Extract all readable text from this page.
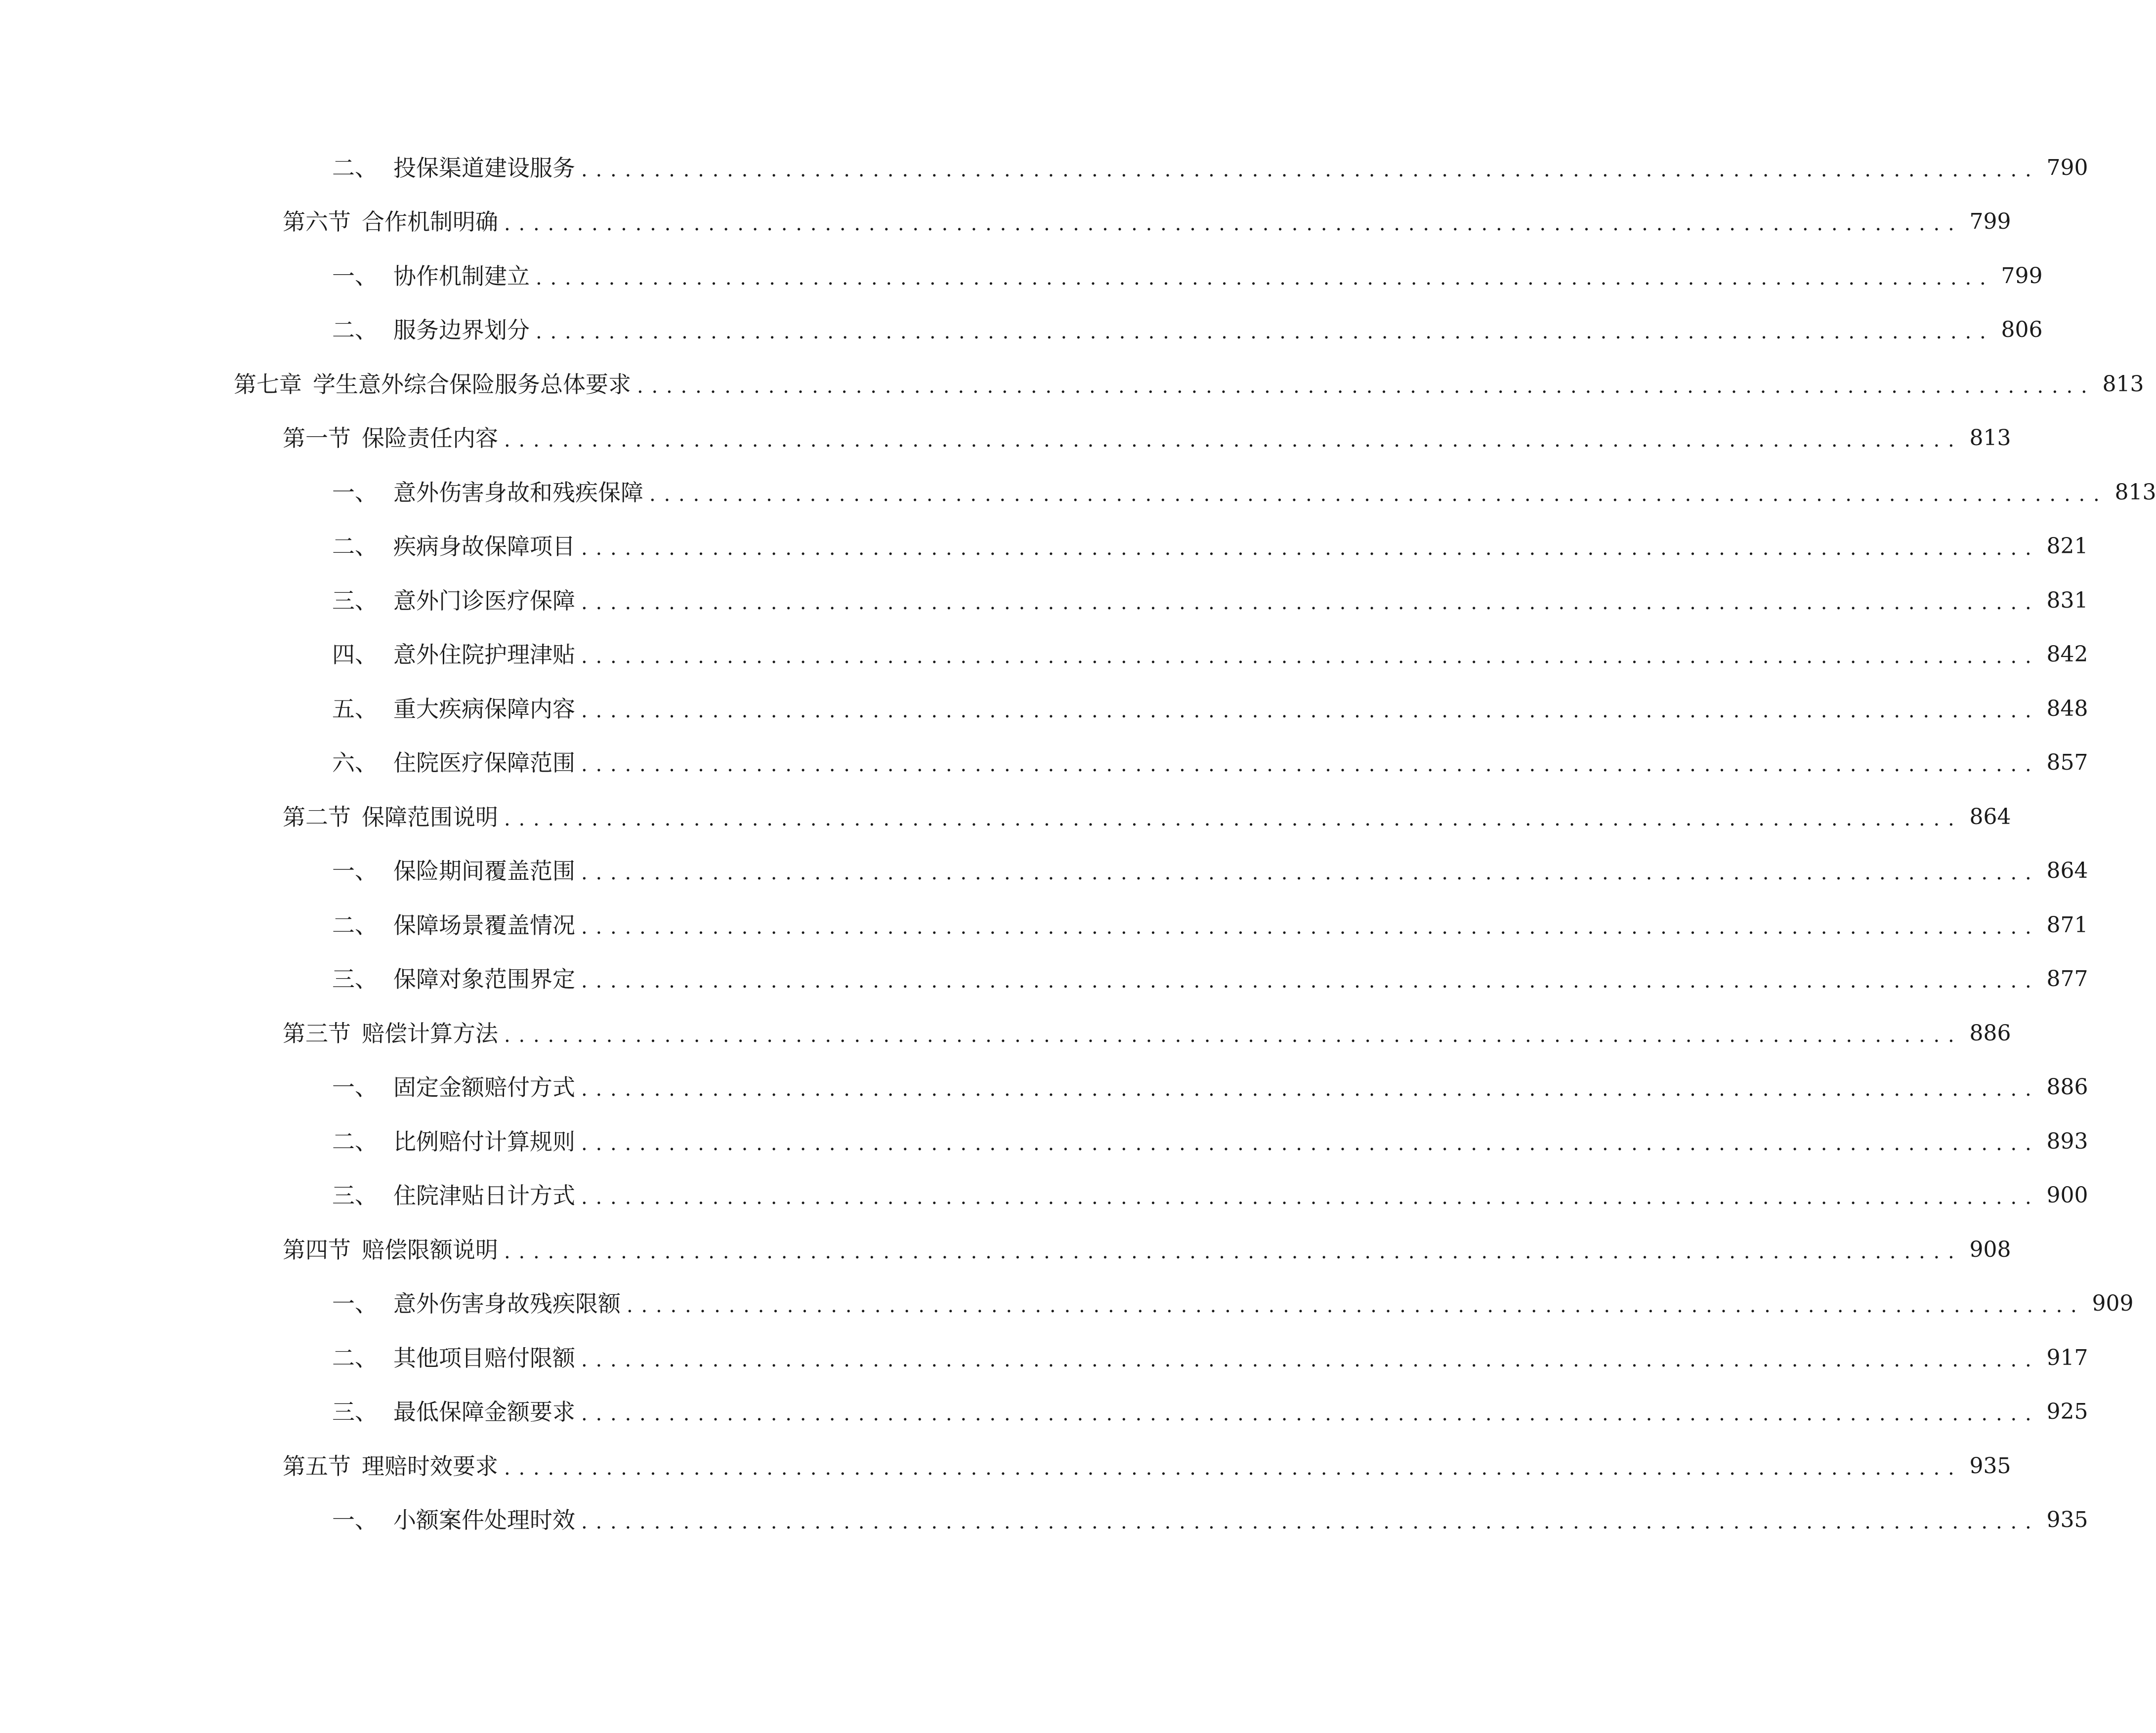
二、 投保渠道建设服务 .................................................................................................... 790
第六节 合作机制明确 .................................................................................................... 799
一、 协作机制建立 .................................................................................................... 799
二、 服务边界划分 .................................................................................................... 806
第七章 学生意外综合保险服务总体要求 .................................................................................................... 813
第一节 保险责任内容 .................................................................................................... 813
一、 意外伤害身故和残疾保障 .................................................................................................... 813
二、 疾病身故保障项目 .................................................................................................... 821
三、 意外门诊医疗保障 .................................................................................................... 831
四、 意外住院护理津贴 .................................................................................................... 842
五、 重大疾病保障内容 .................................................................................................... 848
六、 住院医疗保障范围 .................................................................................................... 857
第二节 保障范围说明 .................................................................................................... 864
一、 保险期间覆盖范围 .................................................................................................... 864
二、 保障场景覆盖情况 .................................................................................................... 871
三、 保障对象范围界定 .................................................................................................... 877
第三节 赔偿计算方法 .................................................................................................... 886
一、 固定金额赔付方式 .................................................................................................... 886
二、 比例赔付计算规则 .................................................................................................... 893
三、 住院津贴日计方式 .................................................................................................... 900
第四节 赔偿限额说明 .................................................................................................... 908
一、 意外伤害身故残疾限额 .................................................................................................... 909
二、 其他项目赔付限额 .................................................................................................... 917
三、 最低保障金额要求 .................................................................................................... 925
第五节 理赔时效要求 .................................................................................................... 935
一、 小额案件处理时效 .................................................................................................... 935
